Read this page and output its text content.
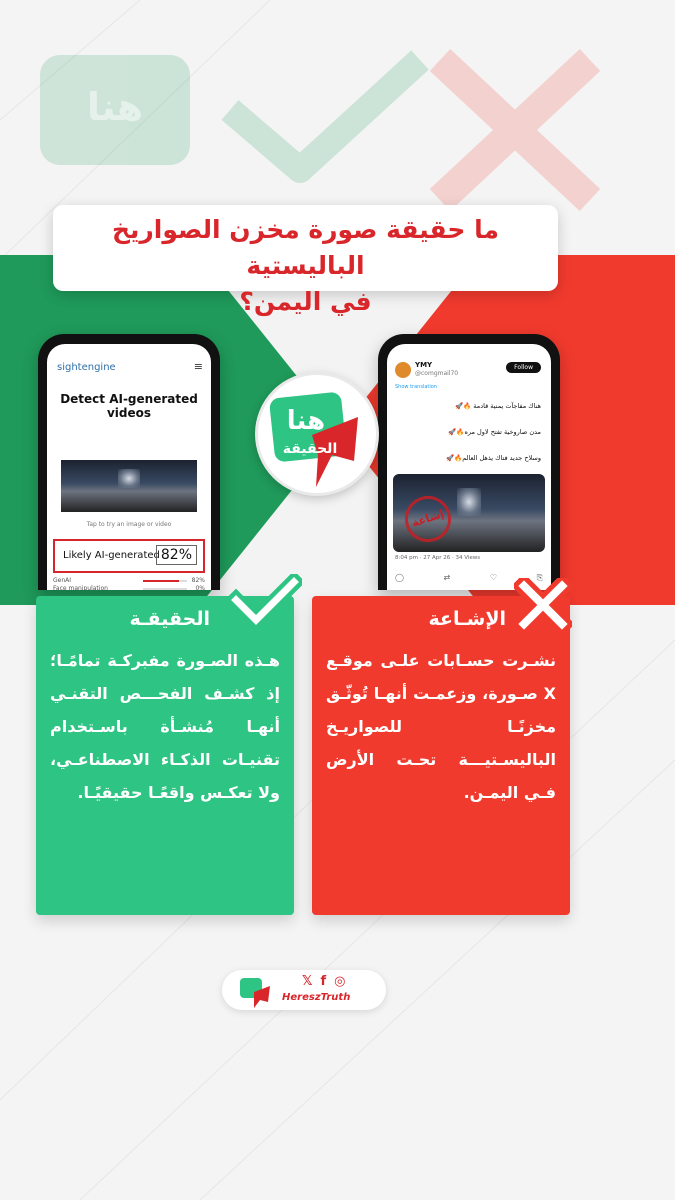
هنا
ما حقيقة صورة مخزن الصواريخ الباليستية
في اليمن؟
sightengine	≡
Detect AI-generated videos
Tap to try an image or video
Likely AI-generated 82%
GenAI	82%
Face manipulation	0%
YMY
@comgmail70
Follow
Show translation
هناك مفاجآت يمنية قادمة 🔥🚀
مدن صاروخية تفتح لاول مره🔥🚀
وسلاح جديد فتاك يذهل العالم🔥🚀
إشاعة
8:04 pm · 27 Apr 26 · 34 Views
◯	⇄	♡	⎘
هنا
الحقيقة
الحقيقـة
هـذه الصـورة مفبركـة تمامًـا؛ إذ كشـف الفحـــص التقنـي أنهـا مُنشـأة باسـتخدام تقنيـات الذكـاء الاصطناعـي، ولا تعكـس واقعًـا حقيقيًـا.
الإشـاعة
نشـرت حسـابات علـى موقـع X صـورة، وزعمـت أنهـا تُوثّـق مخزنًـا للصواريـخ الباليسـتيـــة تحـت الأرض فـي اليمـن.
𝕏 f ◎
HereszTruth
